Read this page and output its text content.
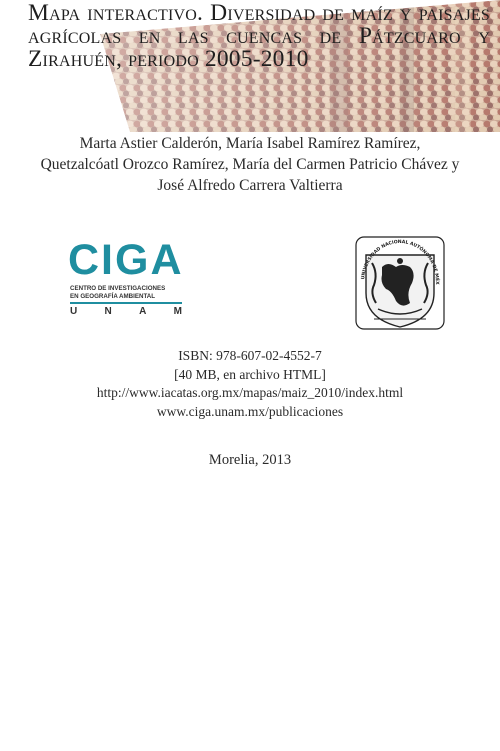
Mapa interactivo. Diversidad de maíz y paisajes agrícolas en las cuencas de Pátzcuaro y Zirahuén, periodo 2005-2010
Marta Astier Calderón, María Isabel Ramírez Ramírez, Quetzalcóatl Orozco Ramírez, María del Carmen Patricio Chávez y José Alfredo Carrera Valtierra
CIGA
CENTRO DE INVESTIGACIONES
EN GEOGRAFÍA AMBIENTAL
U	N	A	M
UNIVERSIDAD NACIONAL AUTÓNOMA DE MÉX
ISBN: 978-607-02-4552-7
[40 MB, en archivo HTML]
http://www.iacatas.org.mx/mapas/maiz_2010/index.html
www.ciga.unam.mx/publicaciones
Morelia, 2013
